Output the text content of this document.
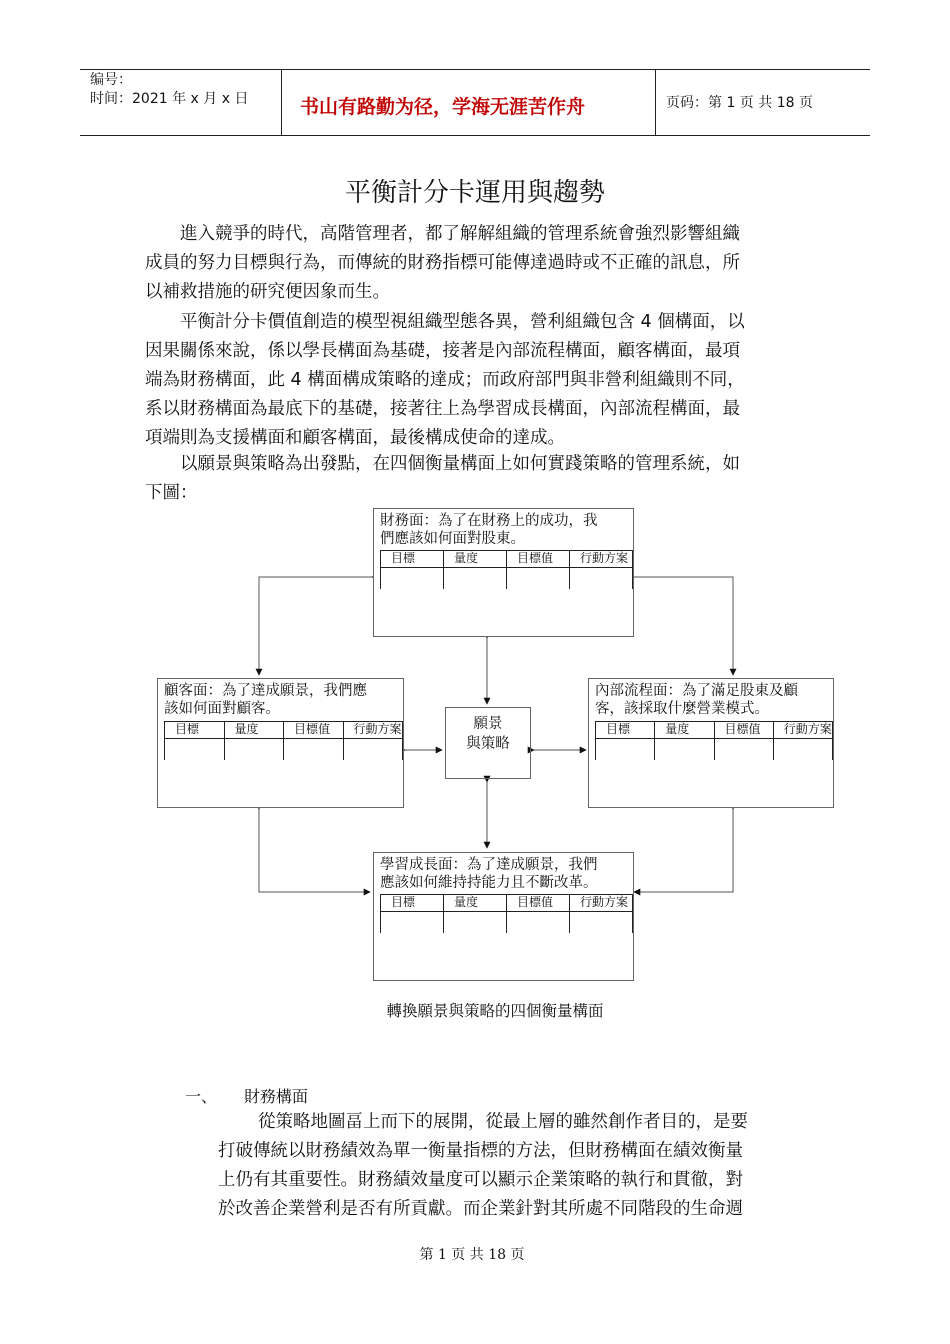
编号：
时间：2021 年 x 月 x 日	书山有路勤为径，学海无涯苦作舟	页码：第 1 页 共 18 页
平衡計分卡運用與趨勢
進入競爭的時代，高階管理者，都了解解組織的管理系統會強烈影響組織
成員的努力目標與行為，而傳統的財務指標可能傳達過時或不正確的訊息，所
以補救措施的研究便因象而生。
平衡計分卡價值創造的模型視組織型態各異，營利組織包含 4 個構面，以
因果關係來說，係以學長構面為基礎，接著是內部流程構面，顧客構面，最項
端為財務構面，此 4 構面構成策略的達成；而政府部門與非營利組織則不同，
系以財務構面為最底下的基礎，接著往上為學習成長構面，內部流程構面，最
項端則為支援構面和顧客構面，最後構成使命的達成。
以願景與策略為出發點，在四個衡量構面上如何實踐策略的管理系統，如
下圖：
財務面：為了在財務上的成功，我
們應該如何面對股東。
目標	量度	目標值	行動方案
顧客面：為了達成願景，我們應
該如何面對顧客。
目標	量度	目標值	行動方案	願景
與策略
內部流程面：為了滿足股東及顧
客，該採取什麼營業模式。
目標	量度	目標值	行動方案
學習成長面：為了達成願景，我們
應該如何維持持能力且不斷改革。
目標	量度	目標值	行動方案
轉換願景與策略的四個衡量構面
一、 財務構面
從策略地圖畐上而下的展開，從最上層的雖然創作者目的，是要
打破傳統以財務績效為單一衡量指標的方法，但財務構面在績效衡量
上仍有其重要性。財務績效量度可以顯示企業策略的執行和貫徹，對
於改善企業營利是否有所貢獻。而企業針對其所處不同階段的生命週
第 1 页 共 18 页
